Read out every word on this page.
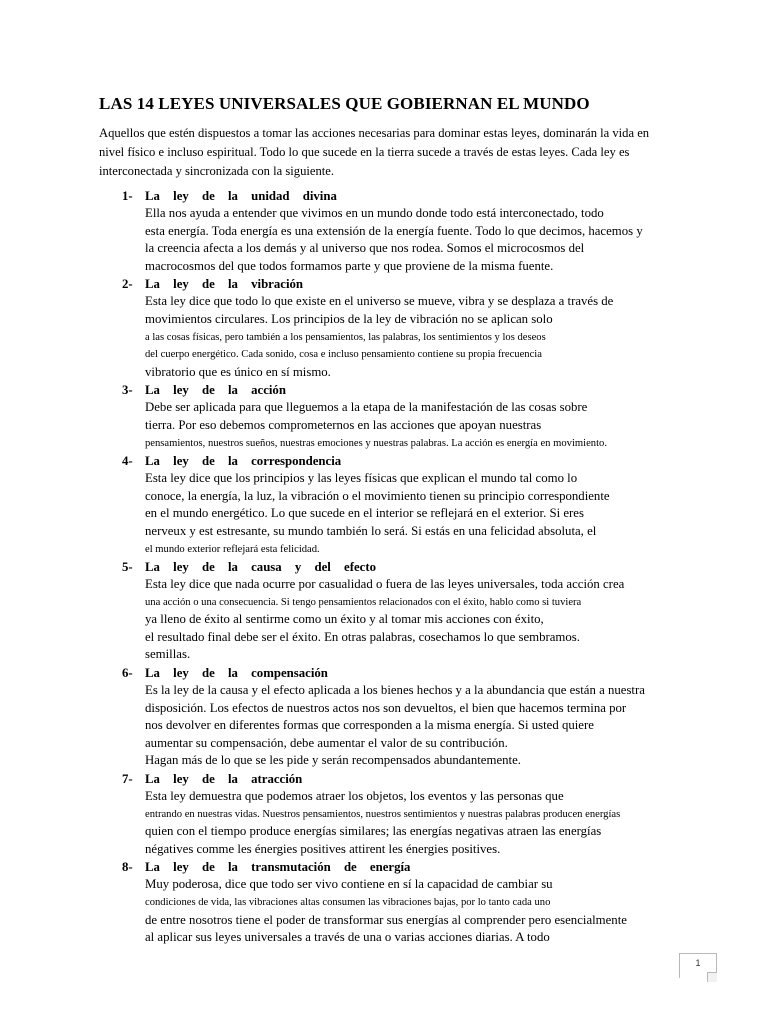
LAS 14 LEYES UNIVERSALES QUE GOBIERNAN EL MUNDO
Aquellos que estén dispuestos a tomar las acciones necesarias para dominar estas leyes, dominarán la vida en
nivel físico e incluso espiritual. Todo lo que sucede en la tierra sucede a través de estas leyes. Cada ley es
interconectada y sincronizada con la siguiente.
1- La ley de la unidad divina
Ella nos ayuda a entender que vivimos en un mundo donde todo está interconectado, todo
esta energía. Toda energía es una extensión de la energía fuente. Todo lo que decimos, hacemos y
la creencia afecta a los demás y al universo que nos rodea. Somos el microcosmos del
macrocosmos del que todos formamos parte y que proviene de la misma fuente.
2- La ley de la vibración
Esta ley dice que todo lo que existe en el universo se mueve, vibra y se desplaza a través de
movimientos circulares. Los principios de la ley de vibración no se aplican solo
a las cosas físicas, pero también a los pensamientos, las palabras, los sentimientos y los deseos
del cuerpo energético. Cada sonido, cosa e incluso pensamiento contiene su propia frecuencia
vibratorio que es único en sí mismo.
3- La ley de la acción
Debe ser aplicada para que lleguemos a la etapa de la manifestación de las cosas sobre
tierra. Por eso debemos comprometernos en las acciones que apoyan nuestras
pensamientos, nuestros sueños, nuestras emociones y nuestras palabras. La acción es energía en movimiento.
4- La ley de la correspondencia
Esta ley dice que los principios y las leyes físicas que explican el mundo tal como lo
conoce, la energía, la luz, la vibración o el movimiento tienen su principio correspondiente
en el mundo energético. Lo que sucede en el interior se reflejará en el exterior. Si eres
nerveux y est estresante, su mundo también lo será. Si estás en una felicidad absoluta, el
el mundo exterior reflejará esta felicidad.
5- La ley de la causa y del efecto
Esta ley dice que nada ocurre por casualidad o fuera de las leyes universales, toda acción crea
una acción o una consecuencia. Si tengo pensamientos relacionados con el éxito, hablo como si tuviera
ya lleno de éxito al sentirme como un éxito y al tomar mis acciones con éxito,
el resultado final debe ser el éxito. En otras palabras, cosechamos lo que sembramos.
semillas.
6- La ley de la compensación
Es la ley de la causa y el efecto aplicada a los bienes hechos y a la abundancia que están a nuestra
disposición. Los efectos de nuestros actos nos son devueltos, el bien que hacemos termina por
nos devolver en diferentes formas que corresponden a la misma energía. Si usted quiere
aumentar su compensación, debe aumentar el valor de su contribución.
Hagan más de lo que se les pide y serán recompensados abundantemente.
7- La ley de la atracción
Esta ley demuestra que podemos atraer los objetos, los eventos y las personas que
entrando en nuestras vidas. Nuestros pensamientos, nuestros sentimientos y nuestras palabras producen energías
quien con el tiempo produce energías similares; las energías negativas atraen las energías
négatives comme les énergies positives attirent les énergies positives.
8- La ley de la transmutación de energía
Muy poderosa, dice que todo ser vivo contiene en sí la capacidad de cambiar su
condiciones de vida, las vibraciones altas consumen las vibraciones bajas, por lo tanto cada uno
de entre nosotros tiene el poder de transformar sus energías al comprender pero esencialmente
al aplicar sus leyes universales a través de una o varias acciones diarias. A todo
1
